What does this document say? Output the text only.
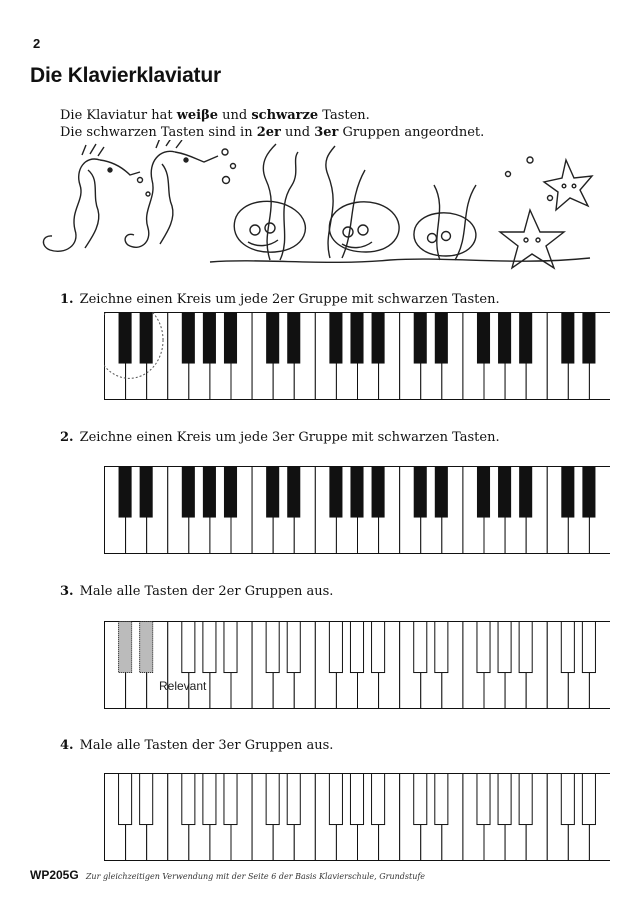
2
Die Klavierklaviatur
Die Klaviatur hat weiβe und schwarze Tasten.
Die schwarzen Tasten sind in 2er und 3er Gruppen angeordnet.
1. Zeichne einen Kreis um jede 2er Gruppe mit schwarzen Tasten.
2. Zeichne einen Kreis um jede 3er Gruppe mit schwarzen Tasten.
3. Male alle Tasten der 2er Gruppen aus.
Relevant
4. Male alle Tasten der 3er Gruppen aus.
WP205G Zur gleichzeitigen Verwendung mit der Seite 6 der Basis Klavierschule, Grundstufe
